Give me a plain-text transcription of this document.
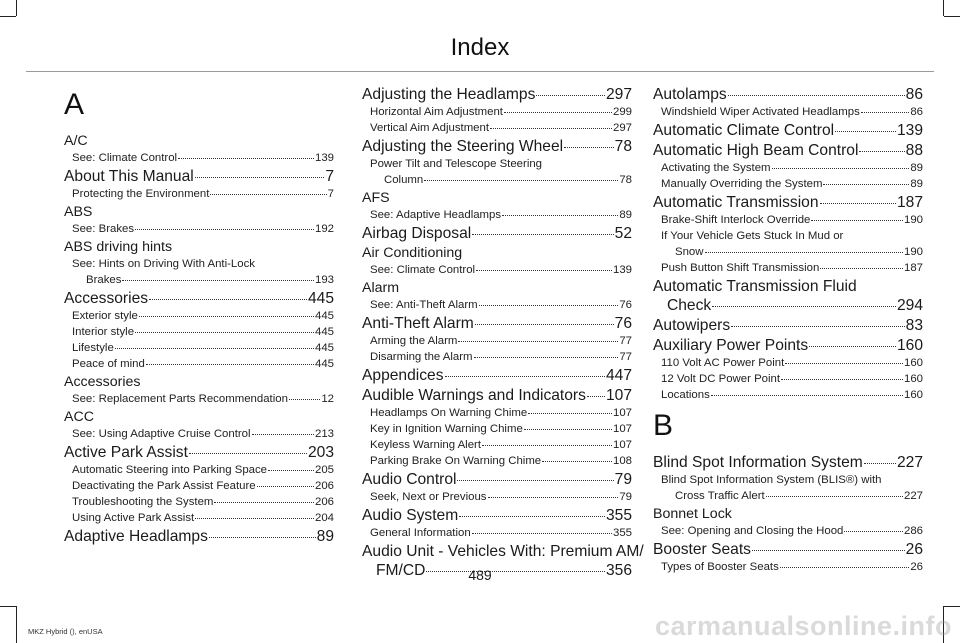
Index
A
A/C
See: Climate Control	139
About This Manual	7
Protecting the Environment	7
ABS
See: Brakes	192
ABS driving hints
See: Hints on Driving With Anti-Lock
Brakes	193
Accessories	445
Exterior style	445
Interior style	445
Lifestyle	445
Peace of mind	445
Accessories
See: Replacement Parts Recommendation	12
ACC
See: Using Adaptive Cruise Control	213
Active Park Assist	203
Automatic Steering into Parking Space	205
Deactivating the Park Assist Feature	206
Troubleshooting the System	206
Using Active Park Assist	204
Adaptive Headlamps	89
Adjusting the Headlamps	297
Horizontal Aim Adjustment	299
Vertical Aim Adjustment	297
Adjusting the Steering Wheel	78
Power Tilt and Telescope Steering
Column	78
AFS
See: Adaptive Headlamps	89
Airbag Disposal	52
Air Conditioning
See: Climate Control	139
Alarm
See: Anti-Theft Alarm	76
Anti-Theft Alarm	76
Arming the Alarm	77
Disarming the Alarm	77
Appendices	447
Audible Warnings and Indicators 107
Headlamps On Warning Chime	107
Key in Ignition Warning Chime	107
Keyless Warning Alert	107
Parking Brake On Warning Chime	108
Audio Control	79
Seek, Next or Previous	79
Audio System	355
General Information	355
Audio Unit - Vehicles With: Premium AM/
FM/CD	356
Autolamps	86
Windshield Wiper Activated Headlamps	86
Automatic Climate Control	139
Automatic High Beam Control	88
Activating the System	89
Manually Overriding the System	89
Automatic Transmission	187
Brake-Shift Interlock Override	190
If Your Vehicle Gets Stuck In Mud or
Snow	190
Push Button Shift Transmission	187
Automatic Transmission Fluid
Check	294
Autowipers	83
Auxiliary Power Points	160
110 Volt AC Power Point	160
12 Volt DC Power Point	160
Locations	160
B
Blind Spot Information System 227
Blind Spot Information System (BLIS®) with
Cross Traffic Alert	227
Bonnet Lock
See: Opening and Closing the Hood	286
Booster Seats	26
Types of Booster Seats	26
489
MKZ Hybrid (), enUSA	carmanualsonline.info
